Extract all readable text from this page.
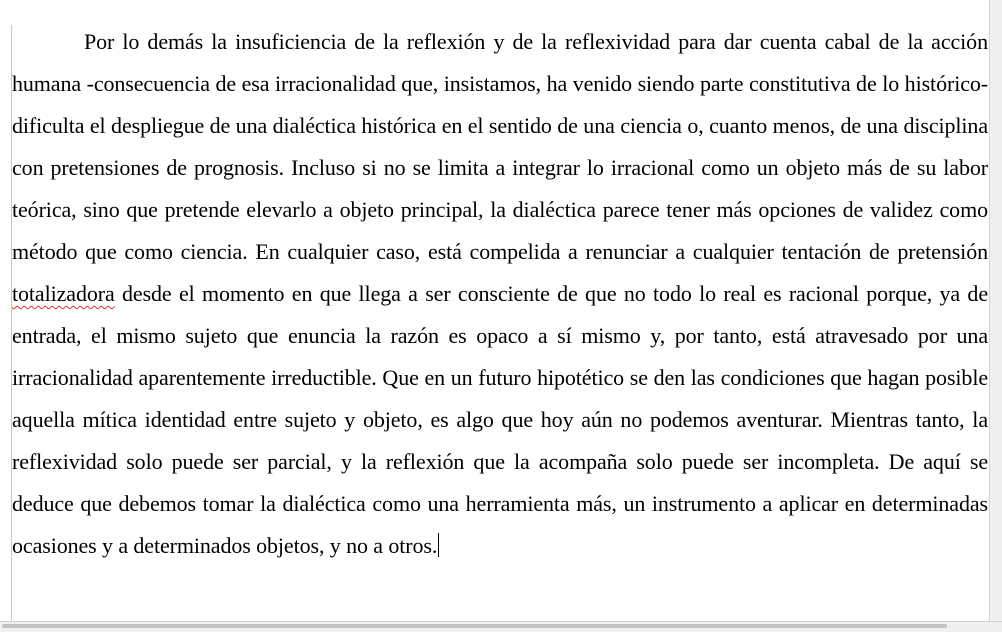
Por lo demás la insuficiencia de la reflexión y de la reflexividad para dar cuenta cabal de la acción humana -consecuencia de esa irracionalidad que, insistamos, ha venido siendo parte constitutiva de lo histórico- dificulta el despliegue de una dialéctica histórica en el sentido de una ciencia o, cuanto menos, de una disciplina con pretensiones de prognosis. Incluso si no se limita a integrar lo irracional como un objeto más de su labor teórica, sino que pretende elevarlo a objeto principal, la dialéctica parece tener más opciones de validez como método que como ciencia. En cualquier caso, está compelida a renunciar a cualquier tentación de pretensión totalizadora desde el momento en que llega a ser consciente de que no todo lo real es racional porque, ya de entrada, el mismo sujeto que enuncia la razón es opaco a sí mismo y, por tanto, está atravesado por una irracionalidad aparentemente irreductible. Que en un futuro hipotético se den las condiciones que hagan posible aquella mítica identidad entre sujeto y objeto, es algo que hoy aún no podemos aventurar. Mientras tanto, la reflexividad solo puede ser parcial, y la reflexión que la acompaña solo puede ser incompleta. De aquí se deduce que debemos tomar la dialéctica como una herramienta más, un instrumento a aplicar en determinadas ocasiones y a determinados objetos, y no a otros.
